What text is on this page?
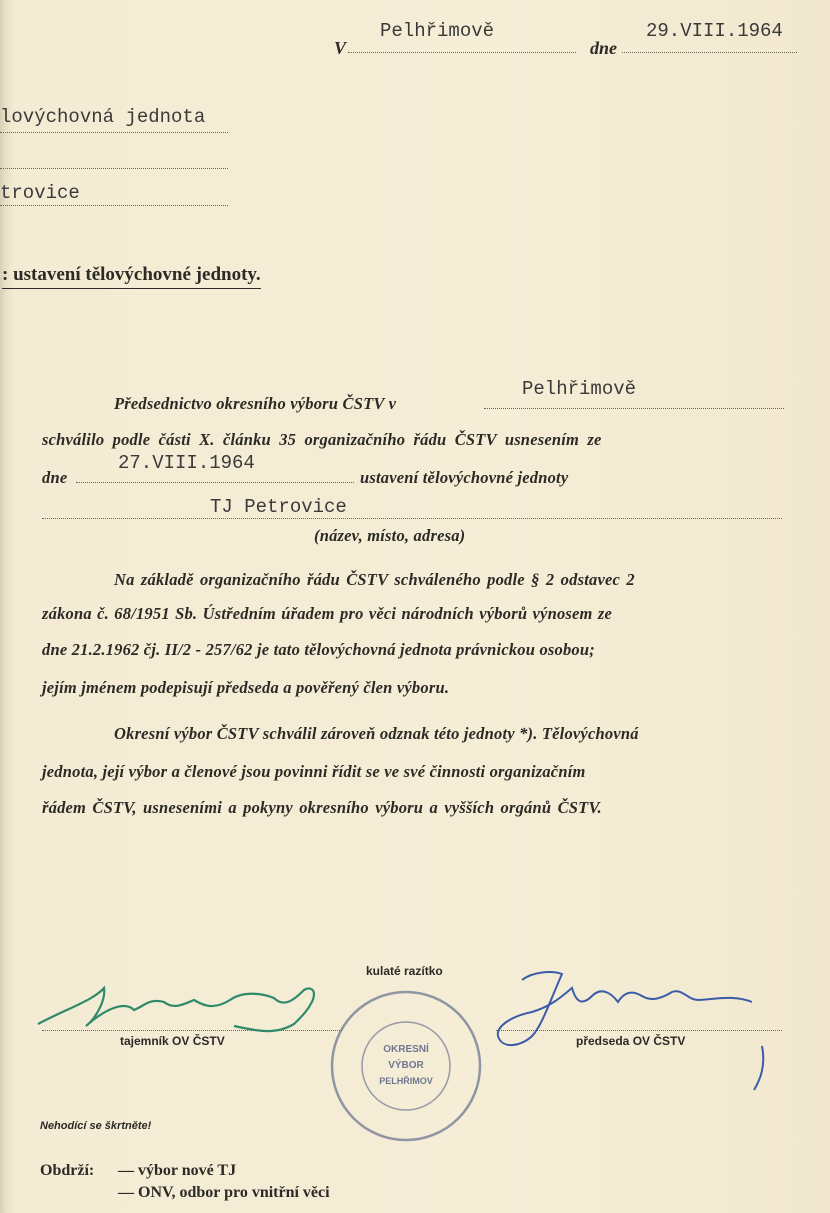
V
Pelhřimově
dne
29.VIII.1964
lovýchovná jednota
trovice
: ustavení tělovýchovné jednoty.
Předsednictvo okresního výboru ČSTV v
Pelhřimově
schválilo podle části X. článku 35 organizačního řádu ČSTV usnesením ze
dne
27.VIII.1964
ustavení tělovýchovné jednoty
TJ Petrovice
(název, místo, adresa)
Na základě organizačního řádu ČSTV schváleného podle § 2 odstavec 2
zákona č. 68/1951 Sb. Ústředním úřadem pro věci národních výborů výnosem ze
dne 21.2.1962 čj. II/2 - 257/62 je tato tělovýchovná jednota právnickou osobou;
jejím jménem podepisují předseda a pověřený člen výboru.
Okresní výbor ČSTV schválil zároveň odznak této jednoty *). Tělovýchovná
jednota, její výbor a členové jsou povinni řídit se ve své činnosti organizačním
řádem ČSTV, usneseními a pokyny okresního výboru a vyšších orgánů ČSTV.
kulaté razítko
tajemník OV ČSTV
OKRESNÍ
VÝBOR
PELHŘIMOV
předseda OV ČSTV
Nehodící se škrtněte!
Obdrží: — výbor nové TJ
— ONV, odbor pro vnitřní věci
